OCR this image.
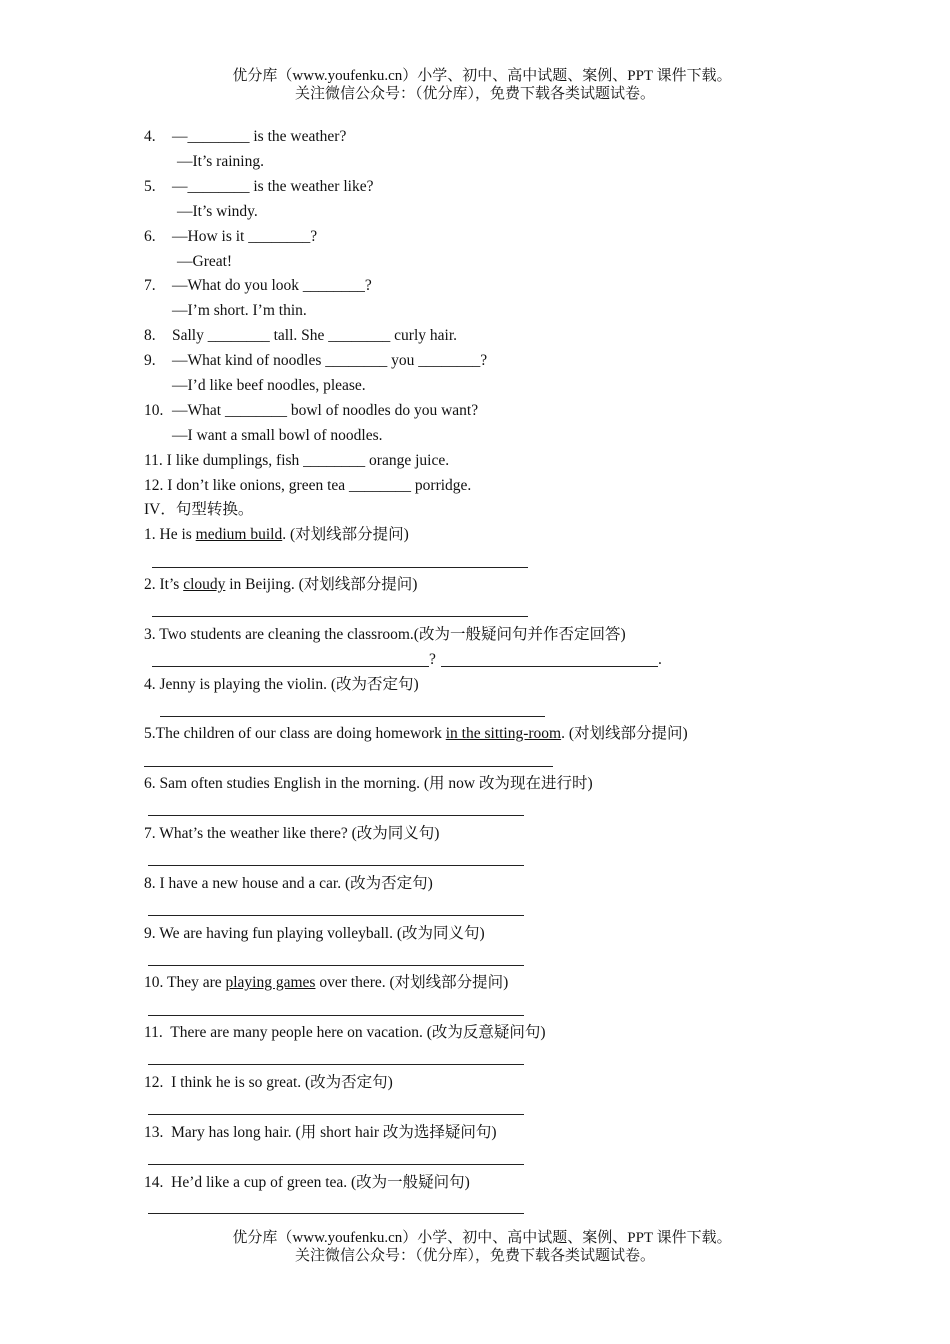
优分库（www.youfenku.cn）小学、初中、高中试题、案例、PPT 课件下载。
关注微信公众号：（优分库），免费下载各类试题试卷。
4. —________ is the weather?
—It’s raining.
5. —________ is the weather like?
—It’s windy.
6. —How is it ________?
—Great!
7. —What do you look ________?
—I’m short. I’m thin.
8. Sally ________ tall. She ________ curly hair.
9. —What kind of noodles ________ you ________?
—I’d like beef noodles, please.
10. —What ________ bowl of noodles do you want?
—I want a small bowl of noodles.
11. I like dumplings, fish ________ orange juice.
12. I don’t like onions, green tea ________ porridge.
IV．句型转换。
1. He is medium build. (对划线部分提问)
2. It’s cloudy in Beijing. (对划线部分提问)
3. Two students are cleaning the classroom.(改为一般疑问句并作否定回答)
?	.
4. Jenny is playing the violin. (改为否定句)
5.The children of our class are doing homework in the sitting-room. (对划线部分提问)
6. Sam often studies English in the morning. (用 now 改为现在进行时)
7. What’s the weather like there? (改为同义句)
8. I have a new house and a car. (改为否定句)
9. We are having fun playing volleyball. (改为同义句)
10. They are playing games over there. (对划线部分提问)
11.  There are many people here on vacation. (改为反意疑问句)
12.  I think he is so great. (改为否定句)
13.  Mary has long hair. (用 short hair 改为选择疑问句)
14.  He’d like a cup of green tea. (改为一般疑问句)
优分库（www.youfenku.cn）小学、初中、高中试题、案例、PPT 课件下载。
关注微信公众号：（优分库），免费下载各类试题试卷。
